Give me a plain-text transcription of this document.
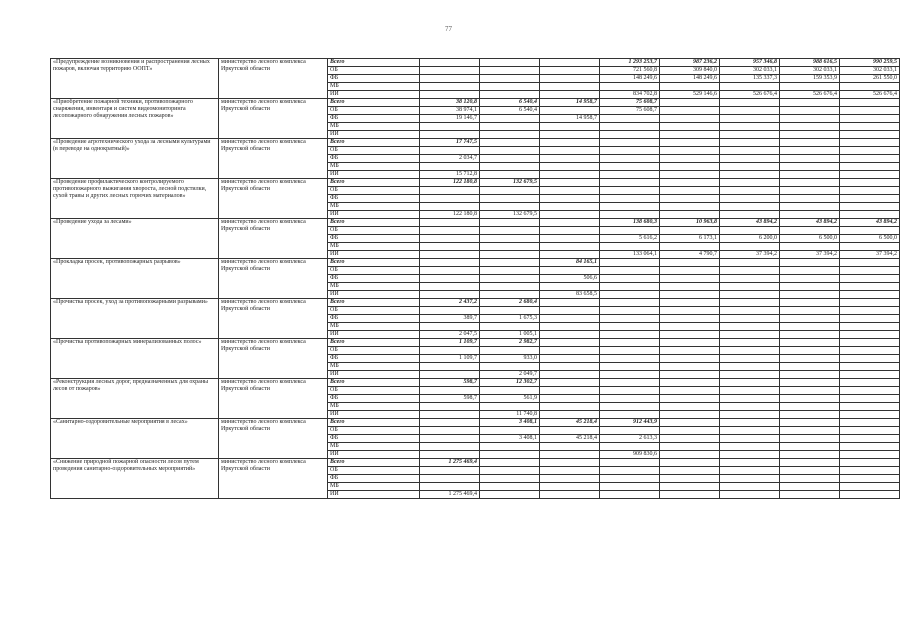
77
«Предупреждение возникновения и распространения лесных пожаров, включая территорию ООПТ»	министерство лесного комплекса Иркутской области	Всего				1 293 253,7	987 236,2	957 346,8	988 616,5	990 259,5
		ОБ				721 560,8	309 840,0	302 033,1	302 033,1	302 033,1
		ФБ				148 249,6	148 249,6	135 337,3	159 353,9	261 550,0
		МБ								
		ИИ				834 702,8	529 146,6	526 676,4	526 676,4	526 676,4
«Приобретение пожарной техники, противопожарного снаряжения, инвентаря и систем видеомониторинга лесопожарного обнаружения лесных пожаров»	министерство лесного комплекса Иркутской области	Всего	38 120,8	6 540,4	14 958,7	75 608,7				
		ОБ	38 974,1	6 540,4		75 608,7				
		ФБ	19 146,7		14 958,7					
		МБ								
		ИИ								
«Проведение агротехнического ухода за лесными культурами (в переводе на однократный)»	министерство лесного комплекса Иркутской области	Всего	17 747,5							
		ОБ								
		ФБ	2 034,7							
		МБ								
		ИИ	15 712,8							
«Проведение профилактического контролируемого противопожарного выжигания хвороста, лесной подстилки, сухой травы и других лесных горючих материалов»	министерство лесного комплекса Иркутской области	Всего	122 180,8	132 679,5						
		ОБ								
		ФБ								
		МБ								
		ИИ	122 180,8	132 679,5						
«Проведение ухода за лесами»	министерство лесного комплекса Иркутской области	Всего				138 680,3	10 963,8	43 894,2	43 894,2	43 894,2
		ОБ								
		ФБ				5 616,2	6 173,1	6 200,0	6 500,0	6 500,0
		МБ								
		ИИ				133 064,1	4 790,7	37 394,2	37 394,2	37 394,2
«Прокладка просек, противопожарных разрывов»	министерство лесного комплекса Иркутской области	Всего			84 165,1					
		ОБ								
		ФБ			506,6					
		МБ								
		ИИ			83 658,5					
«Прочистка просек, уход за противопожарными разрывами»	министерство лесного комплекса Иркутской области	Всего	2 437,2	2 680,4						
		ОБ								
		ФБ	389,7	1 675,3						
		МБ								
		ИИ	2 047,5	1 005,1						
«Прочистка противопожарных минерализованных полос»	министерство лесного комплекса Иркутской области	Всего	1 109,7	2 982,7						
		ОБ								
		ФБ	1 109,7	933,0						
		МБ								
		ИИ		2 049,7						
«Реконструкция лесных дорог, предназначенных для охраны лесов от пожаров»	министерство лесного комплекса Иркутской области	Всего	598,7	12 302,7						
		ОБ								
		ФБ	598,7	561,9						
		МБ								
		ИИ		11 740,8						
«Санитарно-оздоровительные мероприятия в лесах»	министерство лесного комплекса Иркутской области	Всего		3 408,1	45 218,4	912 443,9				
		ОБ								
		ФБ		3 408,1	45 218,4	2 613,3				
		МБ								
		ИИ				909 830,6				
«Снижение природной пожарной опасности лесов путем проведения санитарно-оздоровительных мероприятий»	министерство лесного комплекса Иркутской области	Всего	1 275 469,4							
		ОБ								
		ФБ								
		МБ								
		ИИ	1 275 469,4							
